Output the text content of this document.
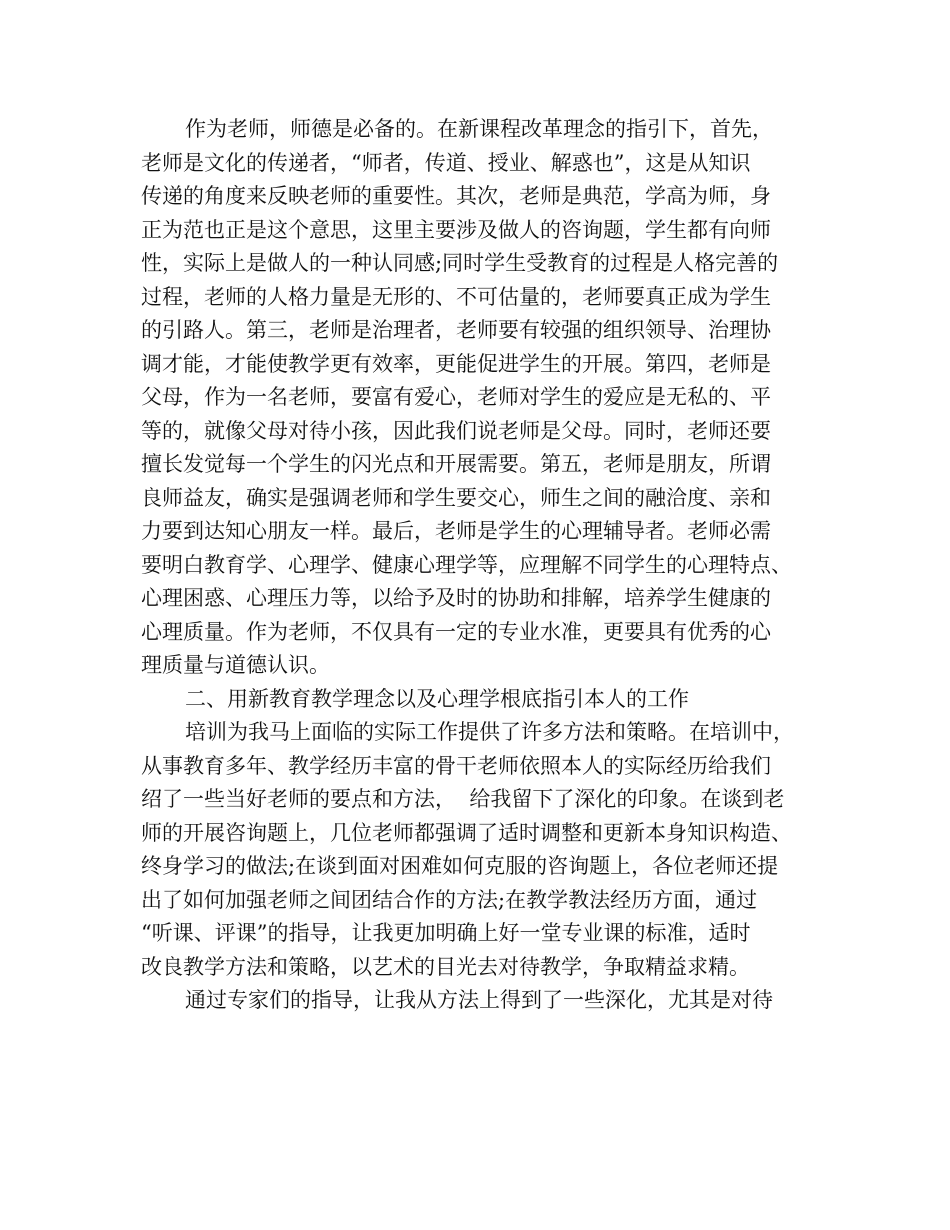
作为老师，师德是必备的。在新课程改革理念的指引下，首先，
老师是文化的传递者，“师者，传道、授业、解惑也”，这是从知识
传递的角度来反映老师的重要性。其次，老师是典范，学高为师，身
正为范也正是这个意思，这里主要涉及做人的咨询题，学生都有向师
性，实际上是做人的一种认同感;同时学生受教育的过程是人格完善的
过程，老师的人格力量是无形的、不可估量的，老师要真正成为学生
的引路人。第三，老师是治理者，老师要有较强的组织领导、治理协
调才能，才能使教学更有效率，更能促进学生的开展。第四，老师是
父母，作为一名老师，要富有爱心，老师对学生的爱应是无私的、平
等的，就像父母对待小孩，因此我们说老师是父母。同时，老师还要
擅长发觉每一个学生的闪光点和开展需要。第五，老师是朋友，所谓
良师益友，确实是强调老师和学生要交心，师生之间的融洽度、亲和
力要到达知心朋友一样。最后，老师是学生的心理辅导者。老师必需
要明白教育学、心理学、健康心理学等，应理解不同学生的心理特点、
心理困惑、心理压力等，以给予及时的协助和排解，培养学生健康的
心理质量。作为老师，不仅具有一定的专业水准，更要具有优秀的心
理质量与道德认识。
二、用新教育教学理念以及心理学根底指引本人的工作
培训为我马上面临的实际工作提供了许多方法和策略。在培训中，
从事教育多年、教学经历丰富的骨干老师依照本人的实际经历给我们
绍了一些当好老师的要点和方法，  给我留下了深化的印象。在谈到老
师的开展咨询题上，几位老师都强调了适时调整和更新本身知识构造、
终身学习的做法;在谈到面对困难如何克服的咨询题上，各位老师还提
出了如何加强老师之间团结合作的方法;在教学教法经历方面，通过
“听课、评课”的指导，让我更加明确上好一堂专业课的标准，适时
改良教学方法和策略，以艺术的目光去对待教学，争取精益求精。
通过专家们的指导，让我从方法上得到了一些深化，尤其是对待
